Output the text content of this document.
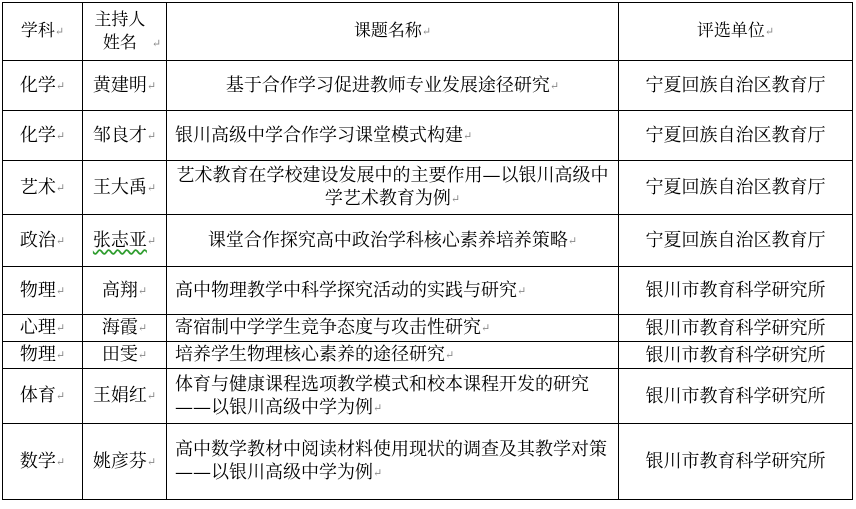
学科↵	主持人姓名 ↵	课题名称↵	评选单位↵
化学↵	黄建明↵	基于合作学习促进教师专业发展途径研究↵	宁夏回族自治区教育厅
化学↵	邹良才↵	银川高级中学合作学习课堂模式构建↵	宁夏回族自治区教育厅
艺术↵	王大禹↵	艺术教育在学校建设发展中的主要作用—以银川高级中学艺术教育为例↵	宁夏回族自治区教育厅
政治↵	张志亚↵	课堂合作探究高中政治学科核心素养培养策略↵	宁夏回族自治区教育厅
物理↵	高翔↵	高中物理教学中科学探究活动的实践与研究↵	银川市教育科学研究所
心理↵	海霞↵	寄宿制中学学生竞争态度与攻击性研究↵	银川市教育科学研究所
物理↵	田雯↵	培养学生物理核心素养的途径研究↵	银川市教育科学研究所
体育↵	王娟红↵	体育与健康课程选项教学模式和校本课程开发的研究——以银川高级中学为例↵	银川市教育科学研究所
数学↵	姚彦芬↵	高中数学教材中阅读材料使用现状的调查及其教学对策——以银川高级中学为例↵	银川市教育科学研究所
